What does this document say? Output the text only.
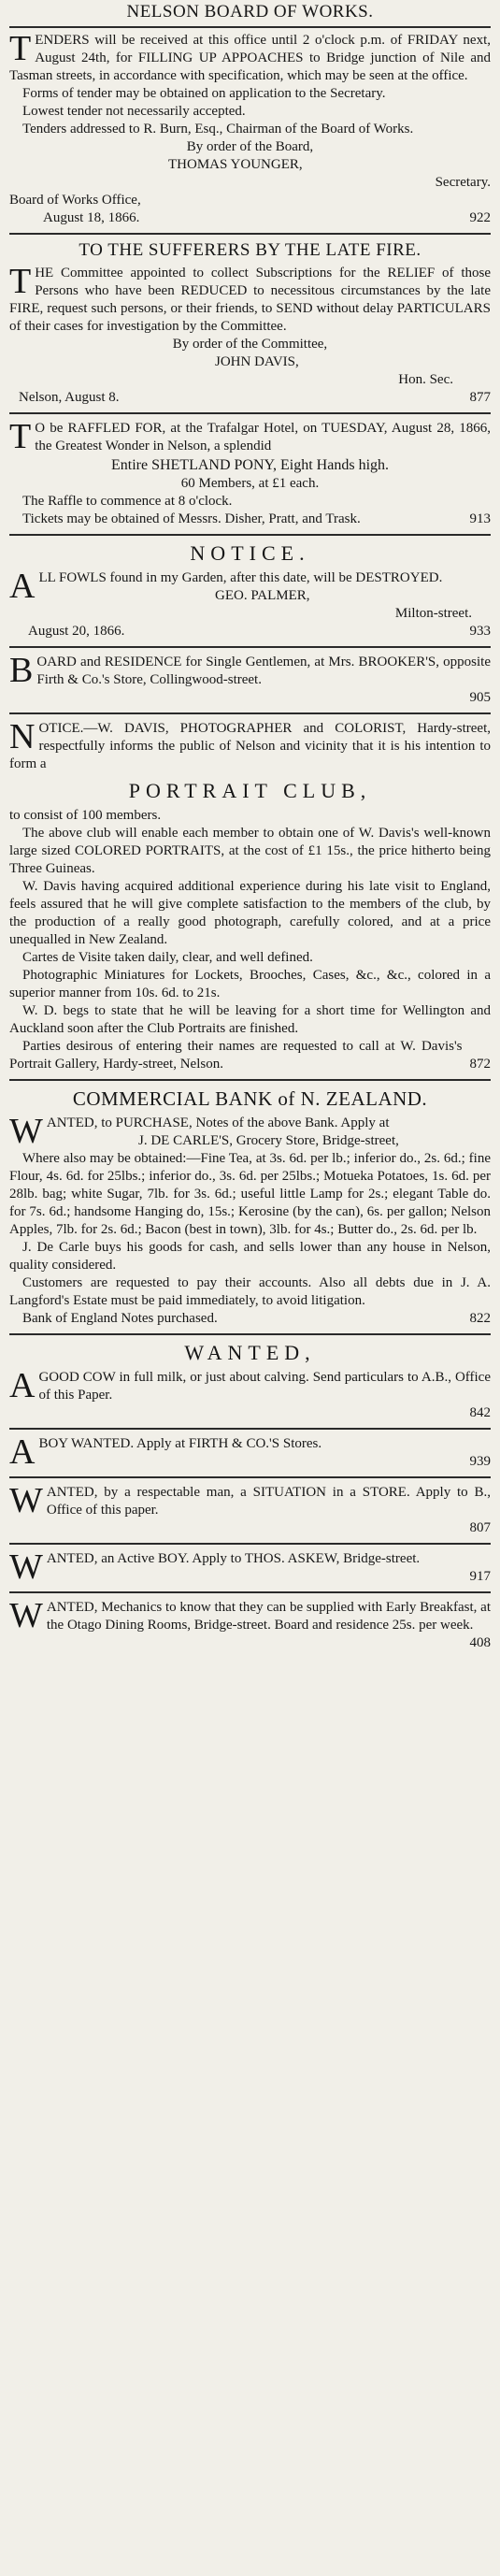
NELSON BOARD OF WORKS.
T ENDERS will be received at this office until 2 o'clock p.m. of FRIDAY next, August 24th, for FILLING UP APPOACHES to Bridge junction of Nile and Tasman streets, in accordance with specification, which may be seen at the office.

Forms of tender may be obtained on application to the Secretary.

Lowest tender not necessarily accepted.

Tenders addressed to R. Burn, Esq., Chairman of the Board of Works.

By order of the Board,
THOMAS YOUNGER,
Secretary.

Board of Works Office,

August 18, 1866.	922
TO THE SUFFERERS BY THE LATE FIRE.
T HE Committee appointed to collect Subscriptions for the RELIEF of those Persons who have been REDUCED to necessitous circumstances by the late FIRE, request such persons, or their friends, to SEND without delay PARTICULARS of their cases for investigation by the Committee.

By order of the Committee,
JOHN DAVIS,
Hon. Sec.
Nelson, August 8.	877
T O be RAFFLED FOR, at the Trafalgar Hotel, on TUESDAY, August 28, 1866, the Greatest Wonder in Nelson, a splendid

Entire SHETLAND PONY, Eight Hands high.
60 Members, at £1 each.

The Raffle to commence at 8 o'clock.

Tickets may be obtained of Messrs. Disher, Pratt, and Trask.	913
NOTICE.
A LL FOWLS found in my Garden, after this date, will be DESTROYED.

GEO. PALMER,
Milton-street.
August 20, 1866.	933
B OARD and RESIDENCE for Single Gentlemen, at Mrs. BROOKER'S, opposite Firth & Co.'s Store, Collingwood-street.

905
N OTICE.—W. DAVIS, PHOTOGRAPHER and COLORIST, Hardy-street, respectfully informs the public of Nelson and vicinity that it is his intention to form a

PORTRAIT CLUB,

to consist of 100 members.

The above club will enable each member to obtain one of W. Davis's well-known large sized COLORED PORTRAITS, at the cost of £1 15s., the price hitherto being Three Guineas.

W. Davis having acquired additional experience during his late visit to England, feels assured that he will give complete satisfaction to the members of the club, by the production of a really good photograph, carefully colored, and at a price unequalled in New Zealand.

Cartes de Visite taken daily, clear, and well defined.

Photographic Miniatures for Lockets, Brooches, Cases, &c., &c., colored in a superior manner from 10s. 6d. to 21s.

W. D. begs to state that he will be leaving for a short time for Wellington and Auckland soon after the Club Portraits are finished.

Parties desirous of entering their names are requested to call at W. Davis's Portrait Gallery, Hardy-street, Nelson.	872
COMMERCIAL BANK of N. ZEALAND.
W ANTED, to PURCHASE, Notes of the above Bank. Apply at

J. DE CARLE'S, Grocery Store, Bridge-street,

Where also may be obtained:—Fine Tea, at 3s. 6d. per lb.; inferior do., 2s. 6d.; fine Flour, 4s. 6d. for 25lbs.; inferior do., 3s. 6d. per 25lbs.; Motueka Potatoes, 1s. 6d. per 28lb. bag; white Sugar, 7lb. for 3s. 6d.; useful little Lamp for 2s.; elegant Table do. for 7s. 6d.; handsome Hanging do, 15s.; Kerosine (by the can), 6s. per gallon; Nelson Apples, 7lb. for 2s. 6d.; Bacon (best in town), 3lb. for 4s.; Butter do., 2s. 6d. per lb.

J. De Carle buys his goods for cash, and sells lower than any house in Nelson, quality considered.

Customers are requested to pay their accounts. Also all debts due in J. A. Langford's Estate must be paid immediately, to avoid litigation.

Bank of England Notes purchased.	822
WANTED,
A GOOD COW in full milk, or just about calving. Send particulars to A.B., Office of this Paper.

842
A BOY WANTED. Apply at FIRTH & CO.'S Stores.

939
W ANTED, by a respectable man, a SITUATION in a STORE. Apply to B., Office of this paper.

807
W ANTED, an Active BOY. Apply to THOS. ASKEW, Bridge-street.

917
W ANTED, Mechanics to know that they can be supplied with Early Breakfast, at the Otago Dining Rooms, Bridge-street. Board and residence 25s. per week.

408
